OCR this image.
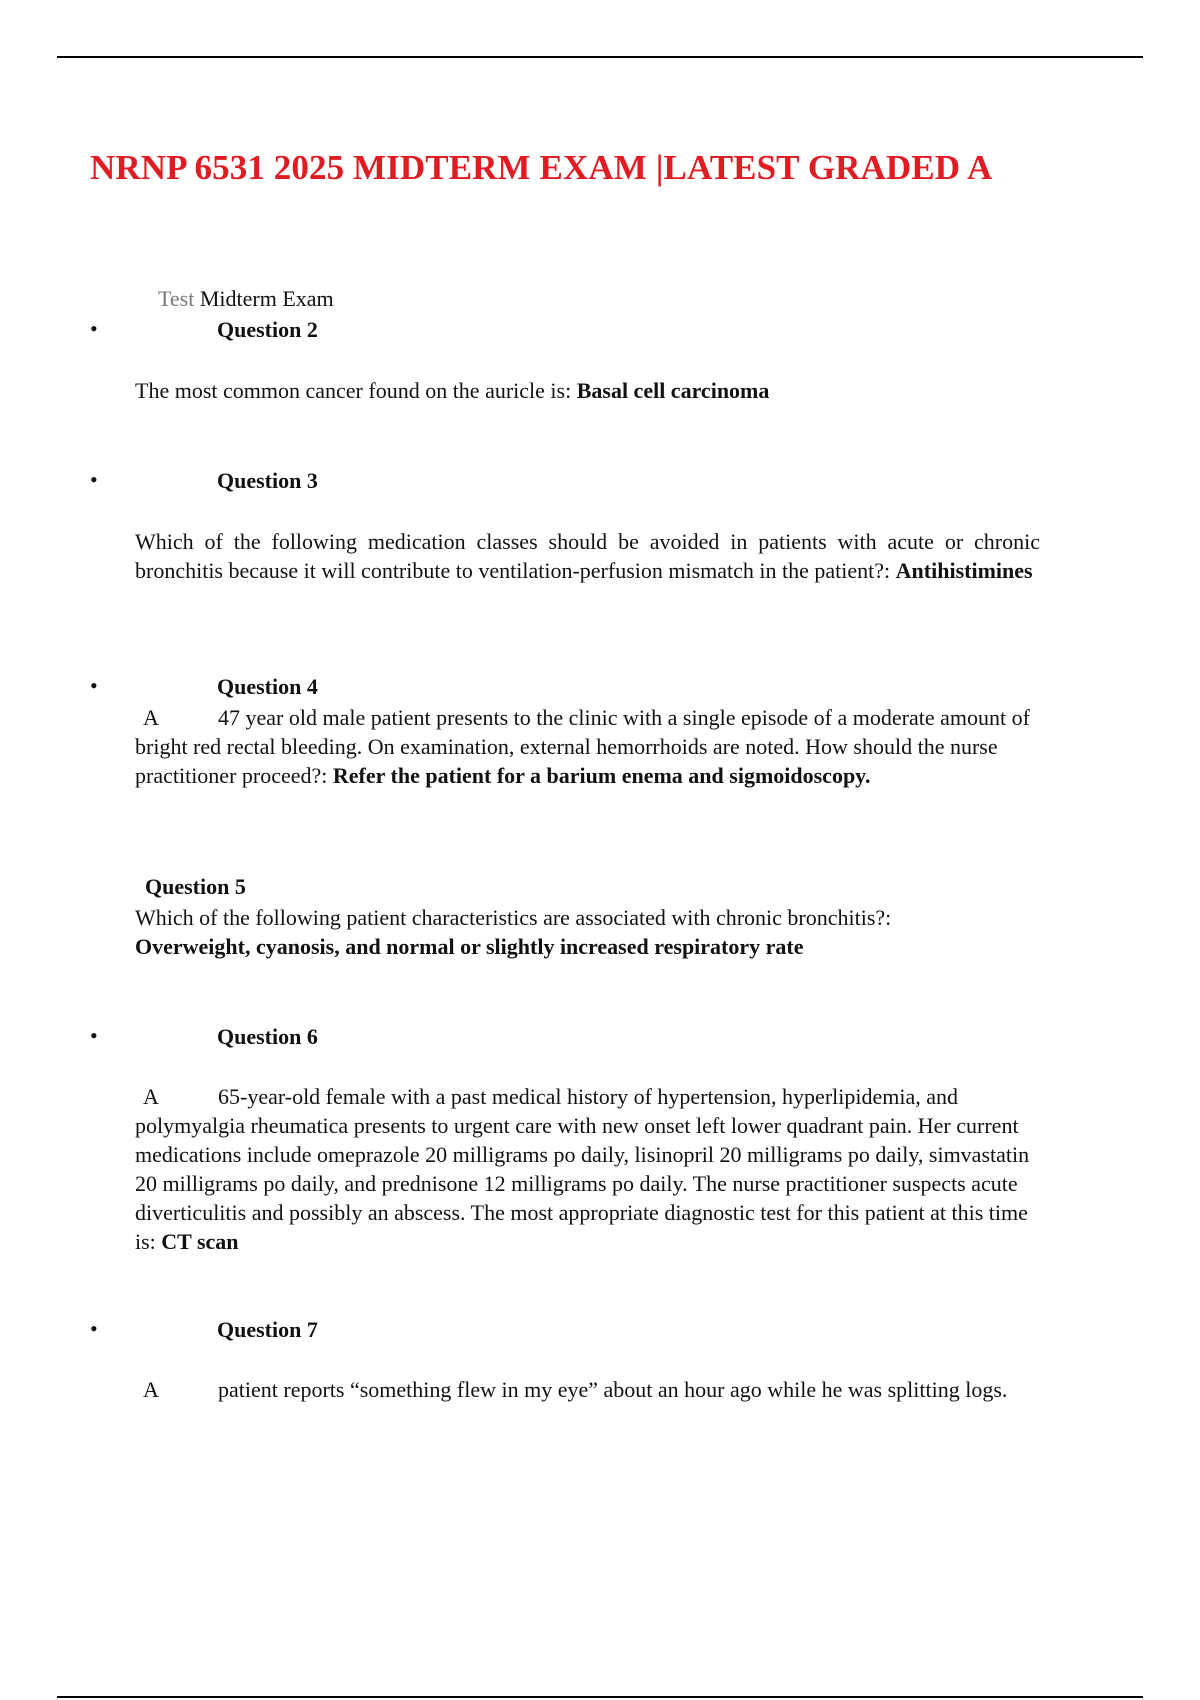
NRNP 6531 2025 MIDTERM EXAM |LATEST GRADED A
Test Midterm Exam
•	Question 2
The most common cancer found on the auricle is: Basal cell carcinoma
•	Question 3
Which of the following medication classes should be avoided in patients with acute or chronic bronchitis because it will contribute to ventilation-perfusion mismatch in the patient?: Antihistimines
•	Question 4
A	47 year old male patient presents to the clinic with a single episode of a moderate amount of bright red rectal bleeding. On examination, external hemorrhoids are noted. How should the nurse practitioner proceed?: Refer the patient for a barium enema and sigmoidoscopy.
Question 5
Which of the following patient characteristics are associated with chronic bronchitis?:
Overweight, cyanosis, and normal or slightly increased respiratory rate
•	Question 6
A	65-year-old female with a past medical history of hypertension, hyperlipidemia, and polymyalgia rheumatica presents to urgent care with new onset left lower quadrant pain. Her current medications include omeprazole 20 milligrams po daily, lisinopril 20 milligrams po daily, simvastatin 20 milligrams po daily, and prednisone 12 milligrams po daily. The nurse practitioner suspects acute diverticulitis and possibly an abscess. The most appropriate diagnostic test for this patient at this time is: CT scan
•	Question 7
A	patient reports “something flew in my eye” about an hour ago while he was splitting logs.
